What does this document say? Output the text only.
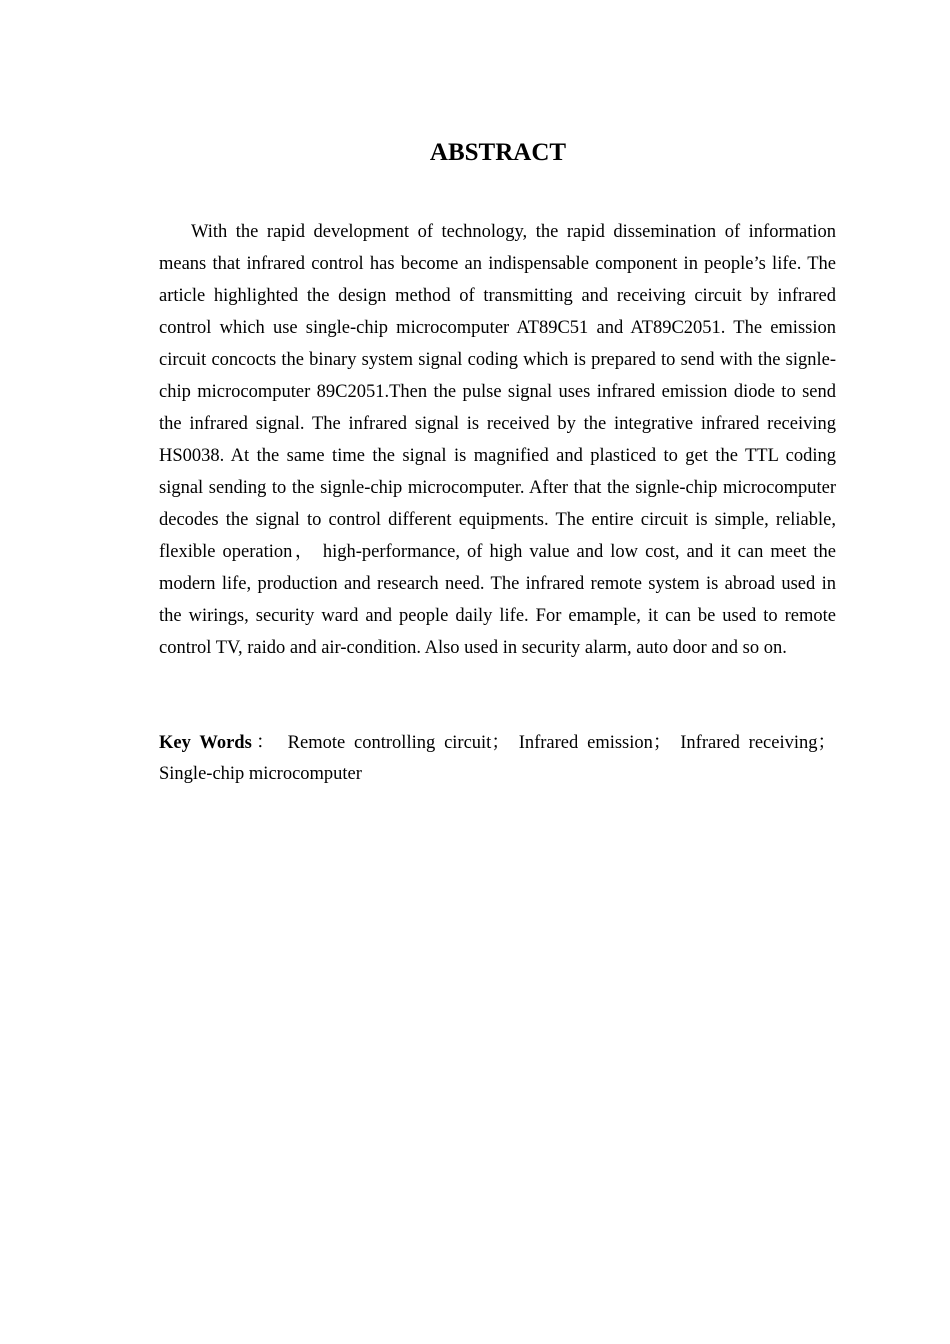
ABSTRACT

With the rapid development of technology, the rapid dissemination of information means that infrared control has become an indispensable component in people’s life. The article highlighted the design method of transmitting and receiving circuit by infrared control which use single-chip microcomputer AT89C51 and AT89C2051. The emission circuit concocts the binary system signal coding which is prepared to send with the signle-chip microcomputer 89C2051.Then the pulse signal uses infrared emission diode to send the infrared signal. The infrared signal is received by the integrative infrared receiving HS0038. At the same time the signal is magnified and plasticed to get the TTL coding signal sending to the signle-chip microcomputer. After that the signle-chip microcomputer decodes the signal to control different equipments. The entire circuit is simple, reliable, flexible operation， high-performance, of high value and low cost, and it can meet the modern life, production and research need. The infrared remote system is abroad used in the wirings, security ward and people daily life. For emample, it can be used to remote control TV, raido and air-condition. Also used in security alarm, auto door and so on.

Key Words： Remote controlling circuit； Infrared emission； Infrared receiving； Single-chip microcomputer
